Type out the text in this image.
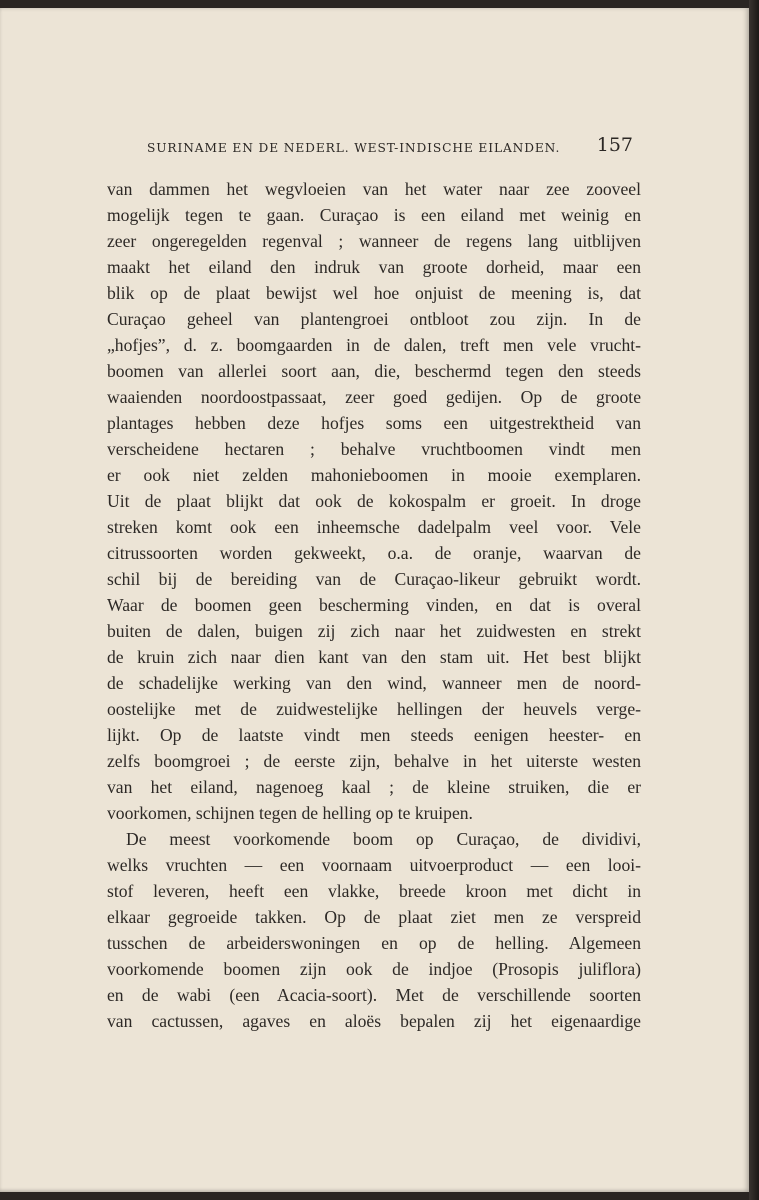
SURINAME EN DE NEDERL. WEST-INDISCHE EILANDEN. 157
van dammen het wegvloeien van het water naar zee zooveel
mogelijk tegen te gaan. Curaçao is een eiland met weinig en
zeer ongeregelden regenval ; wanneer de regens lang uitblijven
maakt het eiland den indruk van groote dorheid, maar een
blik op de plaat bewijst wel hoe onjuist de meening is, dat
Curaçao geheel van plantengroei ontbloot zou zijn. In de
„hofjes”, d. z. boomgaarden in de dalen, treft men vele vrucht-
boomen van allerlei soort aan, die, beschermd tegen den steeds
waaienden noordoostpassaat, zeer goed gedijen. Op de groote
plantages hebben deze hofjes soms een uitgestrektheid van
verscheidene hectaren ; behalve vruchtboomen vindt men
er ook niet zelden mahonieboomen in mooie exemplaren.
Uit de plaat blijkt dat ook de kokospalm er groeit. In droge
streken komt ook een inheemsche dadelpalm veel voor. Vele
citrussoorten worden gekweekt, o.a. de oranje, waarvan de
schil bij de bereiding van de Curaçao-likeur gebruikt wordt.
Waar de boomen geen bescherming vinden, en dat is overal
buiten de dalen, buigen zij zich naar het zuidwesten en strekt
de kruin zich naar dien kant van den stam uit. Het best blijkt
de schadelijke werking van den wind, wanneer men de noord-
oostelijke met de zuidwestelijke hellingen der heuvels verge-
lijkt. Op de laatste vindt men steeds eenigen heester- en
zelfs boomgroei ; de eerste zijn, behalve in het uiterste westen
van het eiland, nagenoeg kaal ; de kleine struiken, die er
voorkomen, schijnen tegen de helling op te kruipen.
De meest voorkomende boom op Curaçao, de dividivi,
welks vruchten — een voornaam uitvoerproduct — een looi-
stof leveren, heeft een vlakke, breede kroon met dicht in
elkaar gegroeide takken. Op de plaat ziet men ze verspreid
tusschen de arbeiderswoningen en op de helling. Algemeen
voorkomende boomen zijn ook de indjoe (Prosopis juliflora)
en de wabi (een Acacia-soort). Met de verschillende soorten
van cactussen, agaves en aloës bepalen zij het eigenaardige
